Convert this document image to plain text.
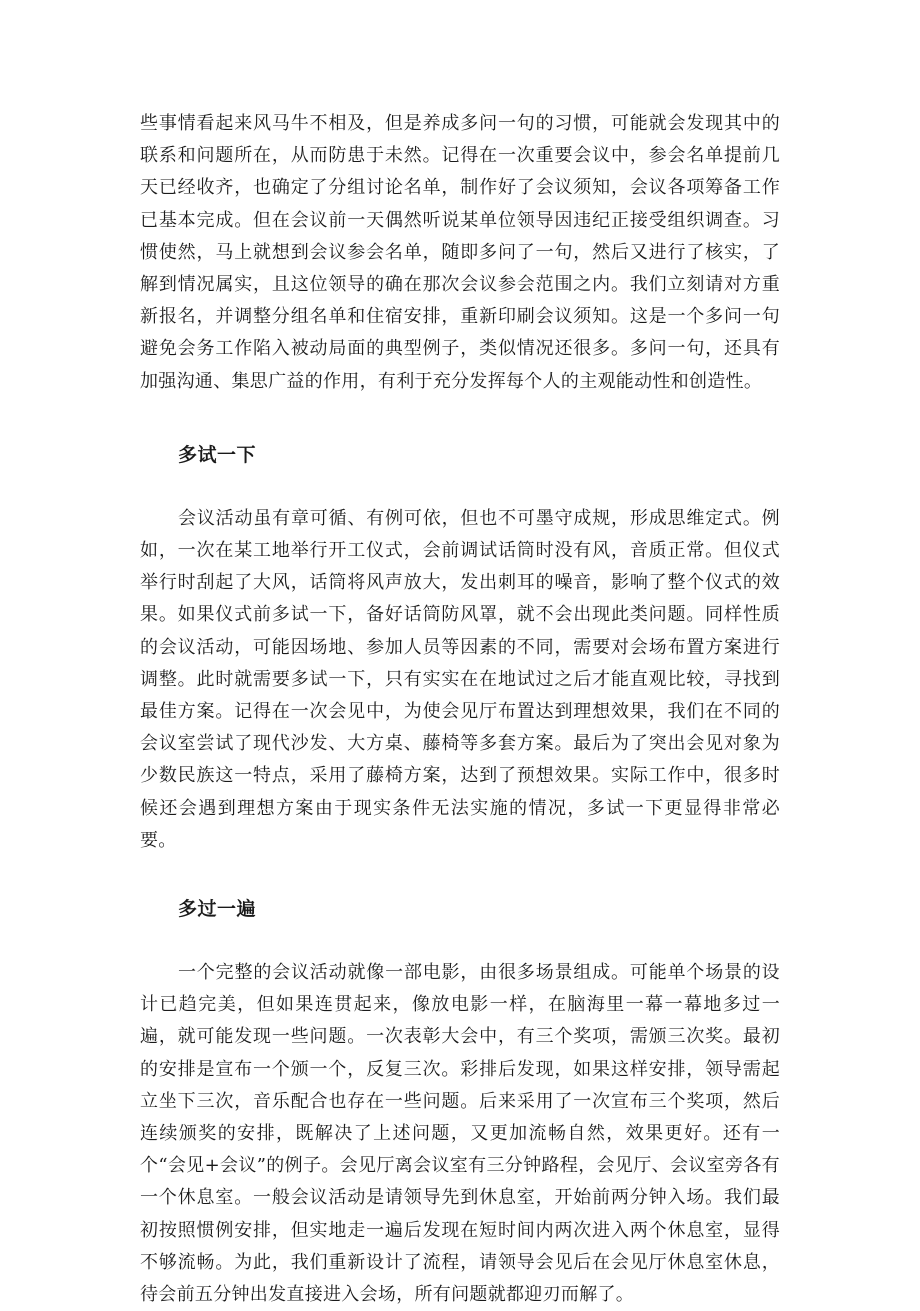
些事情看起来风马牛不相及，但是养成多问一句的习惯，可能就会发现其中的联系和问题所在，从而防患于未然。记得在一次重要会议中，参会名单提前几天已经收齐，也确定了分组讨论名单，制作好了会议须知，会议各项筹备工作已基本完成。但在会议前一天偶然听说某单位领导因违纪正接受组织调查。习惯使然，马上就想到会议参会名单，随即多问了一句，然后又进行了核实，了解到情况属实，且这位领导的确在那次会议参会范围之内。我们立刻请对方重新报名，并调整分组名单和住宿安排，重新印刷会议须知。这是一个多问一句避免会务工作陷入被动局面的典型例子，类似情况还很多。多问一句，还具有加强沟通、集思广益的作用，有利于充分发挥每个人的主观能动性和创造性。

多试一下

会议活动虽有章可循、有例可依，但也不可墨守成规，形成思维定式。例如，一次在某工地举行开工仪式，会前调试话筒时没有风，音质正常。但仪式举行时刮起了大风，话筒将风声放大，发出刺耳的噪音，影响了整个仪式的效果。如果仪式前多试一下，备好话筒防风罩，就不会出现此类问题。同样性质的会议活动，可能因场地、参加人员等因素的不同，需要对会场布置方案进行调整。此时就需要多试一下，只有实实在在地试过之后才能直观比较，寻找到最佳方案。记得在一次会见中，为使会见厅布置达到理想效果，我们在不同的会议室尝试了现代沙发、大方桌、藤椅等多套方案。最后为了突出会见对象为少数民族这一特点，采用了藤椅方案，达到了预想效果。实际工作中，很多时候还会遇到理想方案由于现实条件无法实施的情况，多试一下更显得非常必要。

多过一遍

一个完整的会议活动就像一部电影，由很多场景组成。可能单个场景的设计已趋完美，但如果连贯起来，像放电影一样，在脑海里一幕一幕地多过一遍，就可能发现一些问题。一次表彰大会中，有三个奖项，需颁三次奖。最初的安排是宣布一个颁一个，反复三次。彩排后发现，如果这样安排，领导需起立坐下三次，音乐配合也存在一些问题。后来采用了一次宣布三个奖项，然后连续颁奖的安排，既解决了上述问题，又更加流畅自然，效果更好。还有一个“会见+会议”的例子。会见厅离会议室有三分钟路程，会见厅、会议室旁各有一个休息室。一般会议活动是请领导先到休息室，开始前两分钟入场。我们最初按照惯例安排，但实地走一遍后发现在短时间内两次进入两个休息室，显得不够流畅。为此，我们重新设计了流程，请领导会见后在会见厅休息室休息，待会前五分钟出发直接进入会场，所有问题就都迎刃而解了。
